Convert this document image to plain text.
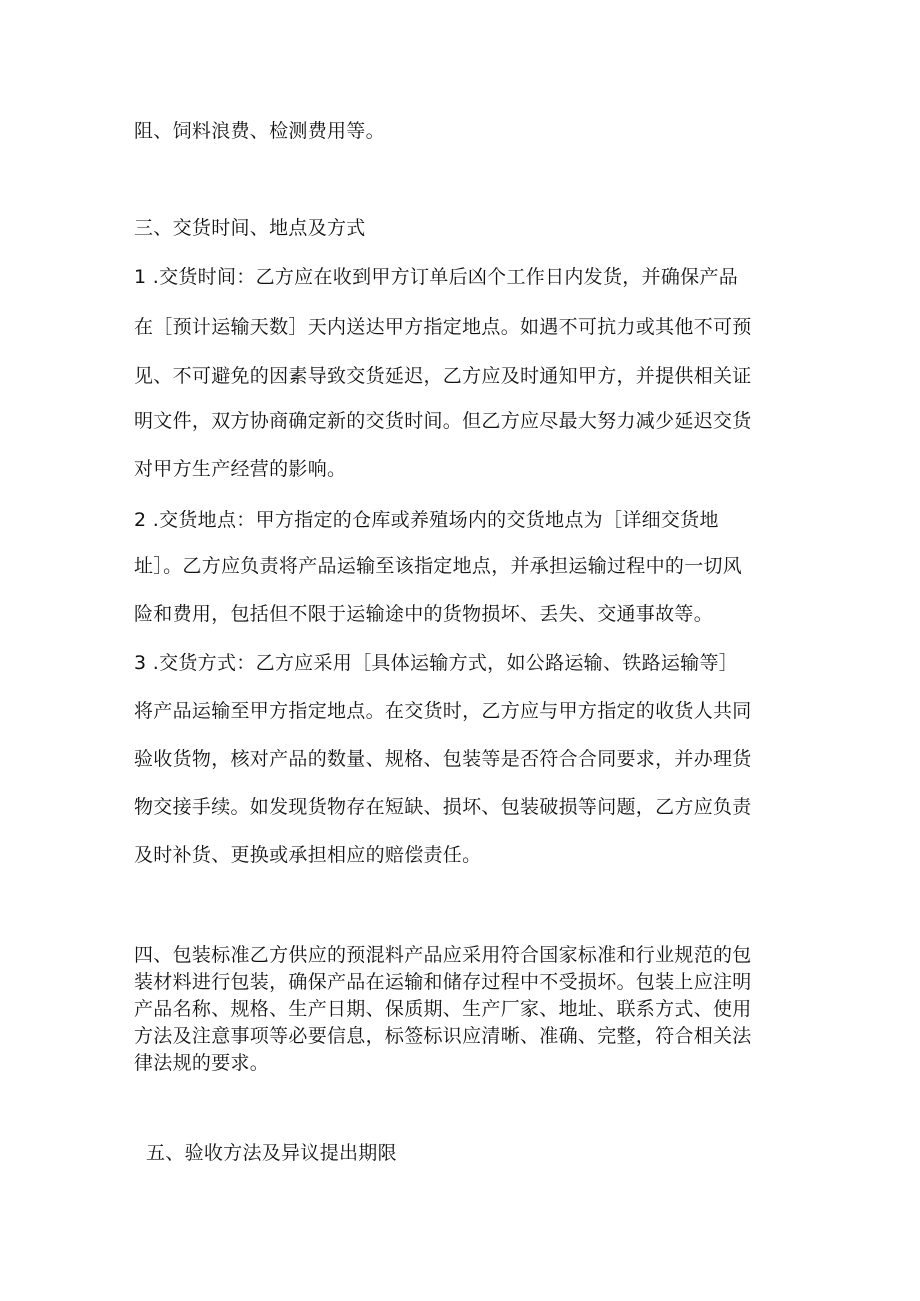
阻、饲料浪费、检测费用等。
三、交货时间、地点及方式
1 .交货时间：乙方应在收到甲方订单后凶个工作日内发货，并确保产品
在［预计运输天数］天内送达甲方指定地点。如遇不可抗力或其他不可预
见、不可避免的因素导致交货延迟，乙方应及时通知甲方，并提供相关证
明文件，双方协商确定新的交货时间。但乙方应尽最大努力减少延迟交货
对甲方生产经营的影响。
2 .交货地点：甲方指定的仓库或养殖场内的交货地点为［详细交货地
址］。乙方应负责将产品运输至该指定地点，并承担运输过程中的一切风
险和费用，包括但不限于运输途中的货物损坏、丢失、交通事故等。
3 .交货方式：乙方应采用［具体运输方式，如公路运输、铁路运输等］
将产品运输至甲方指定地点。在交货时，乙方应与甲方指定的收货人共同
验收货物，核对产品的数量、规格、包装等是否符合合同要求，并办理货
物交接手续。如发现货物存在短缺、损坏、包装破损等问题，乙方应负责
及时补货、更换或承担相应的赔偿责任。
四、包装标准乙方供应的预混料产品应采用符合国家标准和行业规范的包
装材料进行包装，确保产品在运输和储存过程中不受损坏。包装上应注明
产品名称、规格、生产日期、保质期、生产厂家、地址、联系方式、使用
方法及注意事项等必要信息，标签标识应清晰、准确、完整，符合相关法
律法规的要求。
五、验收方法及异议提出期限
